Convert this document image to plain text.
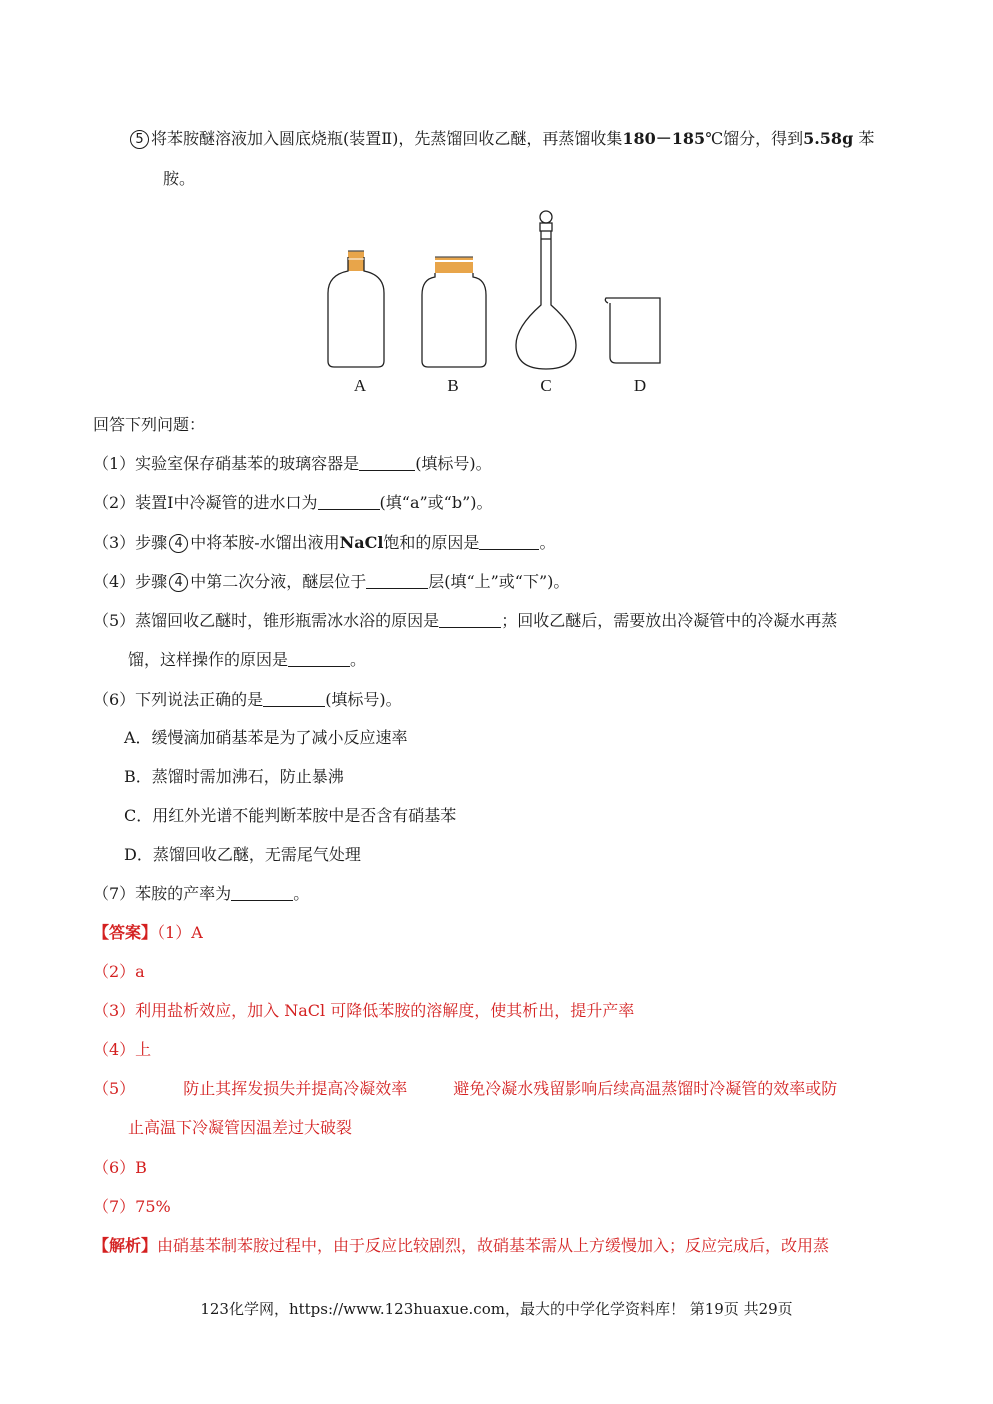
5 将苯胺醚溶液加入圆底烧瓶(装置Ⅱ)，先蒸馏回收乙醚，再蒸馏收集180－185℃馏分，得到5.58g 苯
胺。
A	B	C	D
回答下列问题：
（1）实验室保存硝基苯的玻璃容器是	(填标号)。
（2）装置Ⅰ中冷凝管的进水口为	(填“a”或“b”)。
（3）步骤 4 中将苯胺-水馏出液用NaCl饱和的原因是	。
（4）步骤 4 中第二次分液，醚层位于	层(填“上”或“下”)。
（5）蒸馏回收乙醚时，锥形瓶需冰水浴的原因是	；回收乙醚后，需要放出冷凝管中的冷凝水再蒸
馏，这样操作的原因是	。
（6）下列说法正确的是	(填标号)。
A．缓慢滴加硝基苯是为了减小反应速率
B．蒸馏时需加沸石，防止暴沸
C．用红外光谱不能判断苯胺中是否含有硝基苯
D．蒸馏回收乙醚，无需尾气处理
（7）苯胺的产率为	。
【答案】（1）A
（2）a
（3）利用盐析效应，加入 NaCl 可降低苯胺的溶解度，使其析出，提升产率
（4）上
（5）	防止其挥发损失并提高冷凝效率	避免冷凝水残留影响后续高温蒸馏时冷凝管的效率或防
止高温下冷凝管因温差过大破裂
（6）B
（7）75%
【解析】由硝基苯制苯胺过程中，由于反应比较剧烈，故硝基苯需从上方缓慢加入；反应完成后，改用蒸
123化学网，https://www.123huaxue.com，最大的中学化学资料库！ 第19页 共29页
